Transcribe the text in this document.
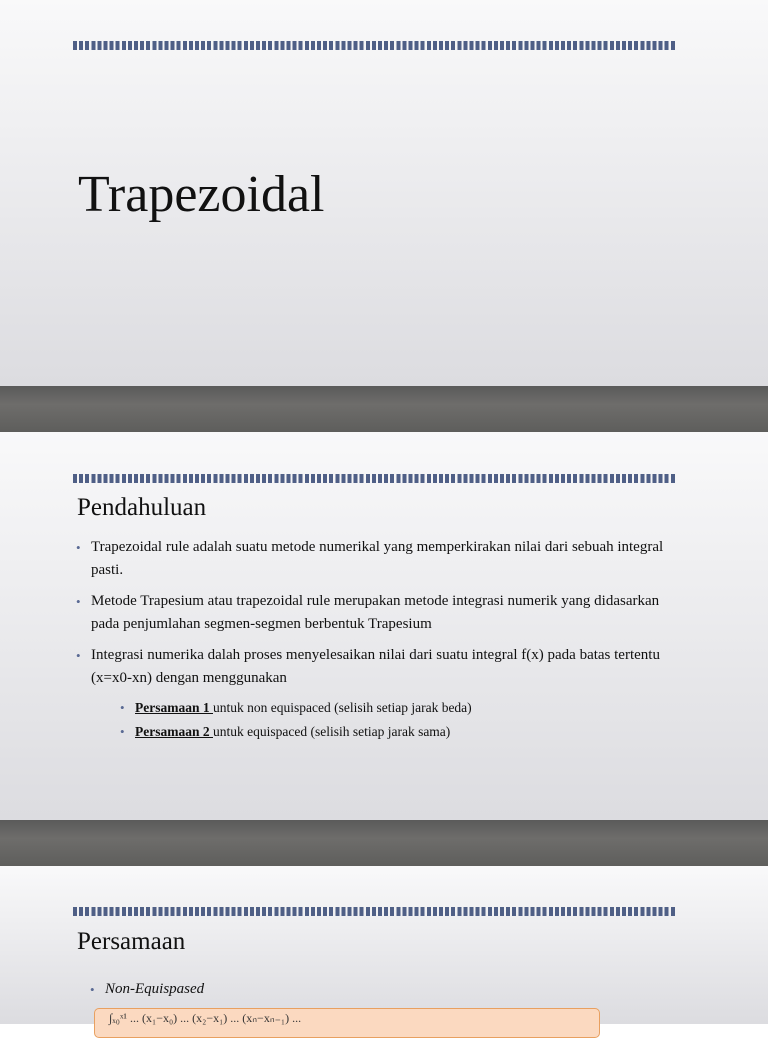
Trapezoidal
Pendahuluan
• Trapezoidal rule adalah suatu metode numerikal yang memperkirakan nilai dari sebuah integral pasti.
• Metode Trapesium atau trapezoidal rule merupakan metode integrasi numerik yang didasarkan pada penjumlahan segmen-segmen berbentuk Trapesium
• Integrasi numerika dalah proses menyelesaikan nilai dari suatu integral f(x) pada batas tertentu (x=x0-xn) dengan menggunakan
• Persamaan 1 untuk non equispaced (selisih setiap jarak beda)
• Persamaan 2 untuk equispaced (selisih setiap jarak sama)
Persamaan
• Non-Equispased
∫ₓ₀ˣ¹ ... (x₁−x₀) ... (x₂−x₁) ... (xₙ−xₙ₋₁) ...
